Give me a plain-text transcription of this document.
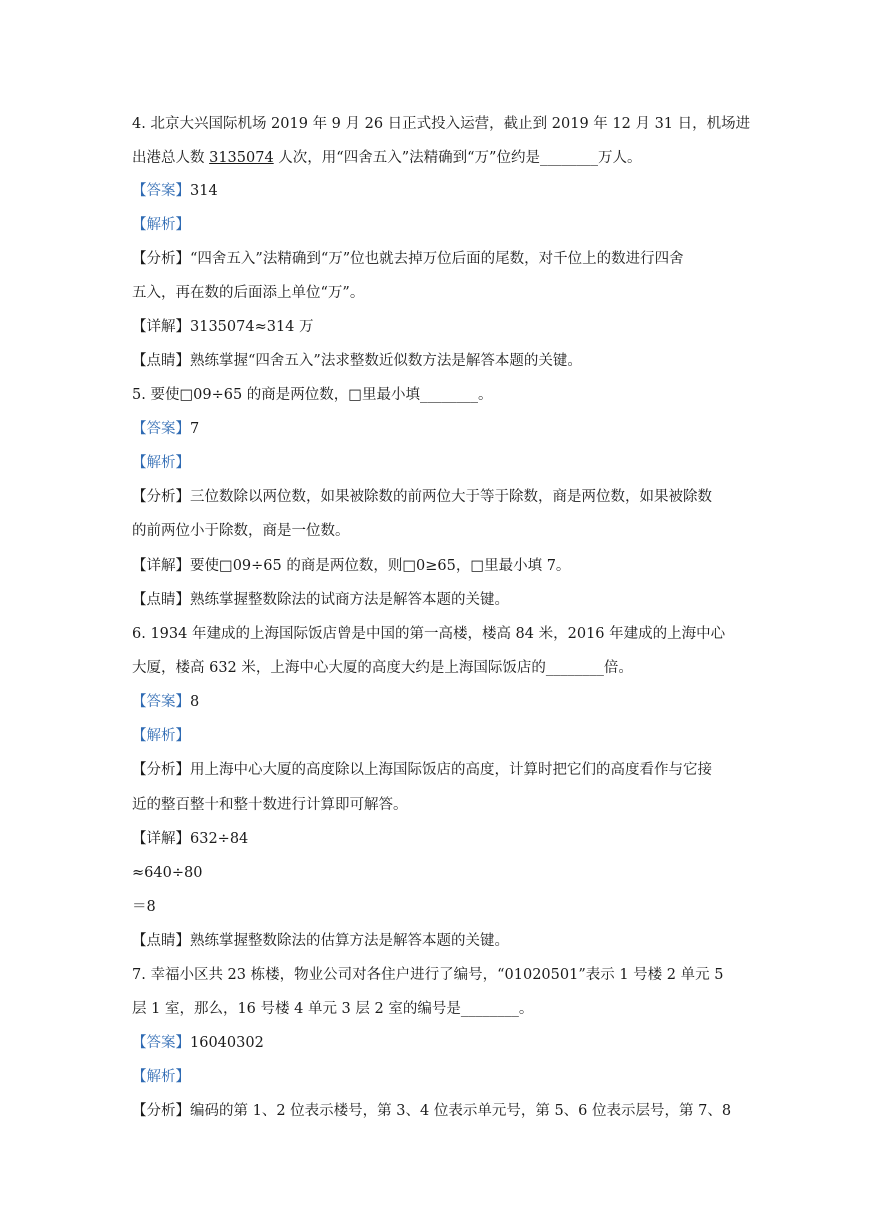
4. 北京大兴国际机场 2019 年 9 月 26 日正式投入运营，截止到 2019 年 12 月 31 日，机场进
出港总人数 3135074 人次，用“四舍五入”法精确到“万”位约是________万人。
【答案】314
【解析】
【分析】“四舍五入”法精确到“万”位也就去掉万位后面的尾数，对千位上的数进行四舍
五入，再在数的后面添上单位“万”。
【详解】3135074≈314 万
【点睛】熟练掌握“四舍五入”法求整数近似数方法是解答本题的关键。
5. 要使□09÷65 的商是两位数，□里最小填________。
【答案】7
【解析】
【分析】三位数除以两位数，如果被除数的前两位大于等于除数，商是两位数，如果被除数
的前两位小于除数，商是一位数。
【详解】要使□09÷65 的商是两位数，则□0≥65，□里最小填 7。
【点睛】熟练掌握整数除法的试商方法是解答本题的关键。
6. 1934 年建成的上海国际饭店曾是中国的第一高楼，楼高 84 米，2016 年建成的上海中心
大厦，楼高 632 米，上海中心大厦的高度大约是上海国际饭店的________倍。
【答案】8
【解析】
【分析】用上海中心大厦的高度除以上海国际饭店的高度，计算时把它们的高度看作与它接
近的整百整十和整十数进行计算即可解答。
【详解】632÷84
≈640÷80
＝8
【点睛】熟练掌握整数除法的估算方法是解答本题的关键。
7. 幸福小区共 23 栋楼，物业公司对各住户进行了编号，“01020501”表示 1 号楼 2 单元 5
层 1 室，那么，16 号楼 4 单元 3 层 2 室的编号是________。
【答案】16040302
【解析】
【分析】编码的第 1、2 位表示楼号，第 3、4 位表示单元号，第 5、6 位表示层号，第 7、8
